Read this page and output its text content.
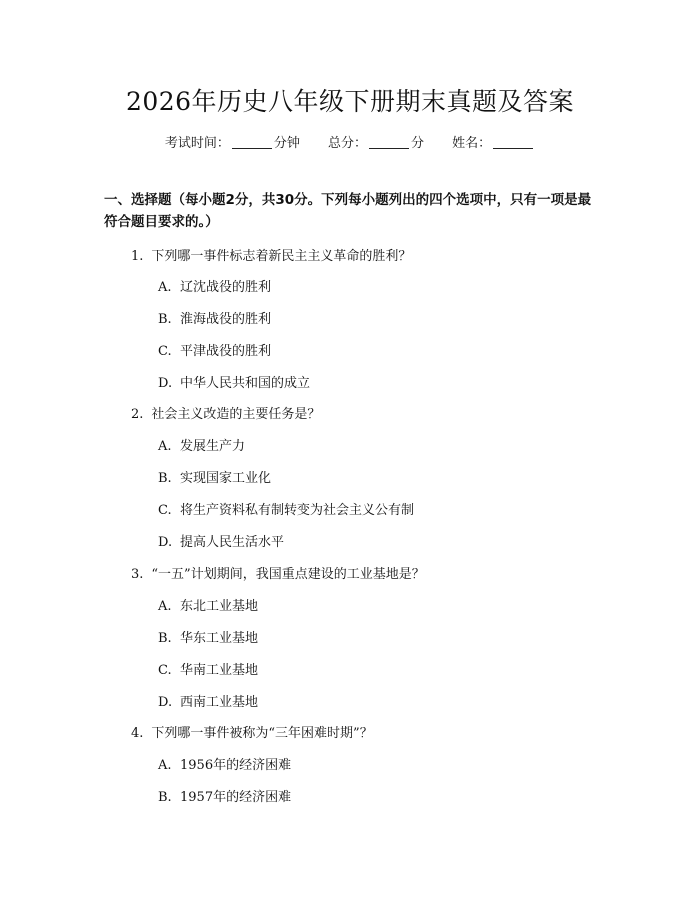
2026年历史八年级下册期末真题及答案
考试时间：	分钟 总分：	分 姓名：
一、选择题（每小题2分，共30分。下列每小题列出的四个选项中，只有一项是最符合题目要求的。）
1. 下列哪一事件标志着新民主主义革命的胜利？
A. 辽沈战役的胜利
B. 淮海战役的胜利
C. 平津战役的胜利
D. 中华人民共和国的成立
2. 社会主义改造的主要任务是？
A. 发展生产力
B. 实现国家工业化
C. 将生产资料私有制转变为社会主义公有制
D. 提高人民生活水平
3. “一五”计划期间，我国重点建设的工业基地是？
A. 东北工业基地
B. 华东工业基地
C. 华南工业基地
D. 西南工业基地
4. 下列哪一事件被称为“三年困难时期”？
A. 1956年的经济困难
B. 1957年的经济困难
